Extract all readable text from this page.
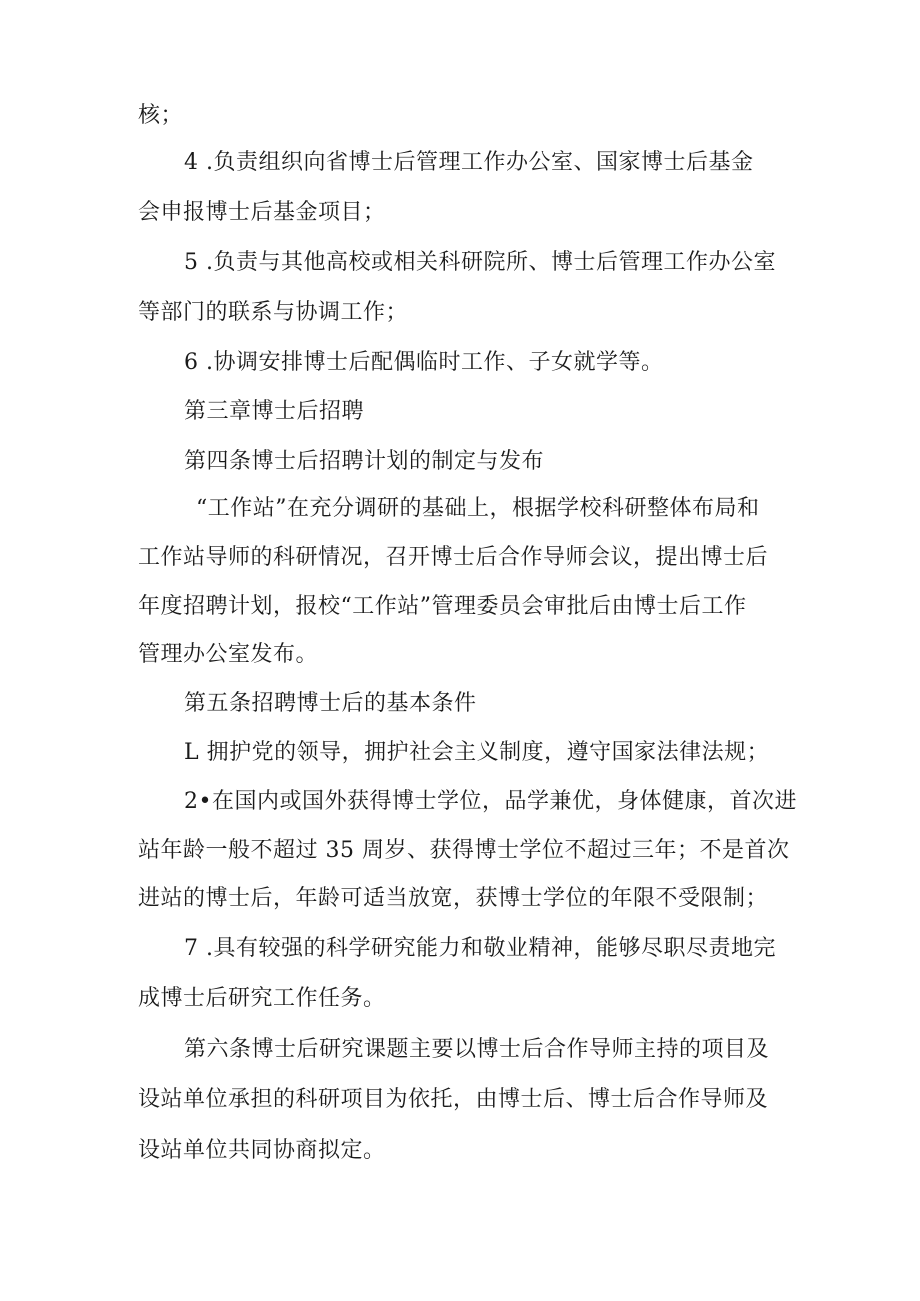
核；
4 .负责组织向省博士后管理工作办公室、国家博士后基金
会申报博士后基金项目；
5 .负责与其他高校或相关科研院所、博士后管理工作办公室
等部门的联系与协调工作；
6 .协调安排博士后配偶临时工作、子女就学等。
第三章博士后招聘
第四条博士后招聘计划的制定与发布
“工作站”在充分调研的基础上，根据学校科研整体布局和
工作站导师的科研情况，召开博士后合作导师会议，提出博士后
年度招聘计划，报校“工作站”管理委员会审批后由博士后工作
管理办公室发布。
第五条招聘博士后的基本条件
L 拥护党的领导，拥护社会主义制度，遵守国家法律法规；
2•在国内或国外获得博士学位，品学兼优，身体健康，首次进
站年龄一般不超过 35 周岁、获得博士学位不超过三年；不是首次
进站的博士后，年龄可适当放宽，获博士学位的年限不受限制；
7 .具有较强的科学研究能力和敬业精神，能够尽职尽责地完
成博士后研究工作任务。
第六条博士后研究课题主要以博士后合作导师主持的项目及
设站单位承担的科研项目为依托，由博士后、博士后合作导师及
设站单位共同协商拟定。
